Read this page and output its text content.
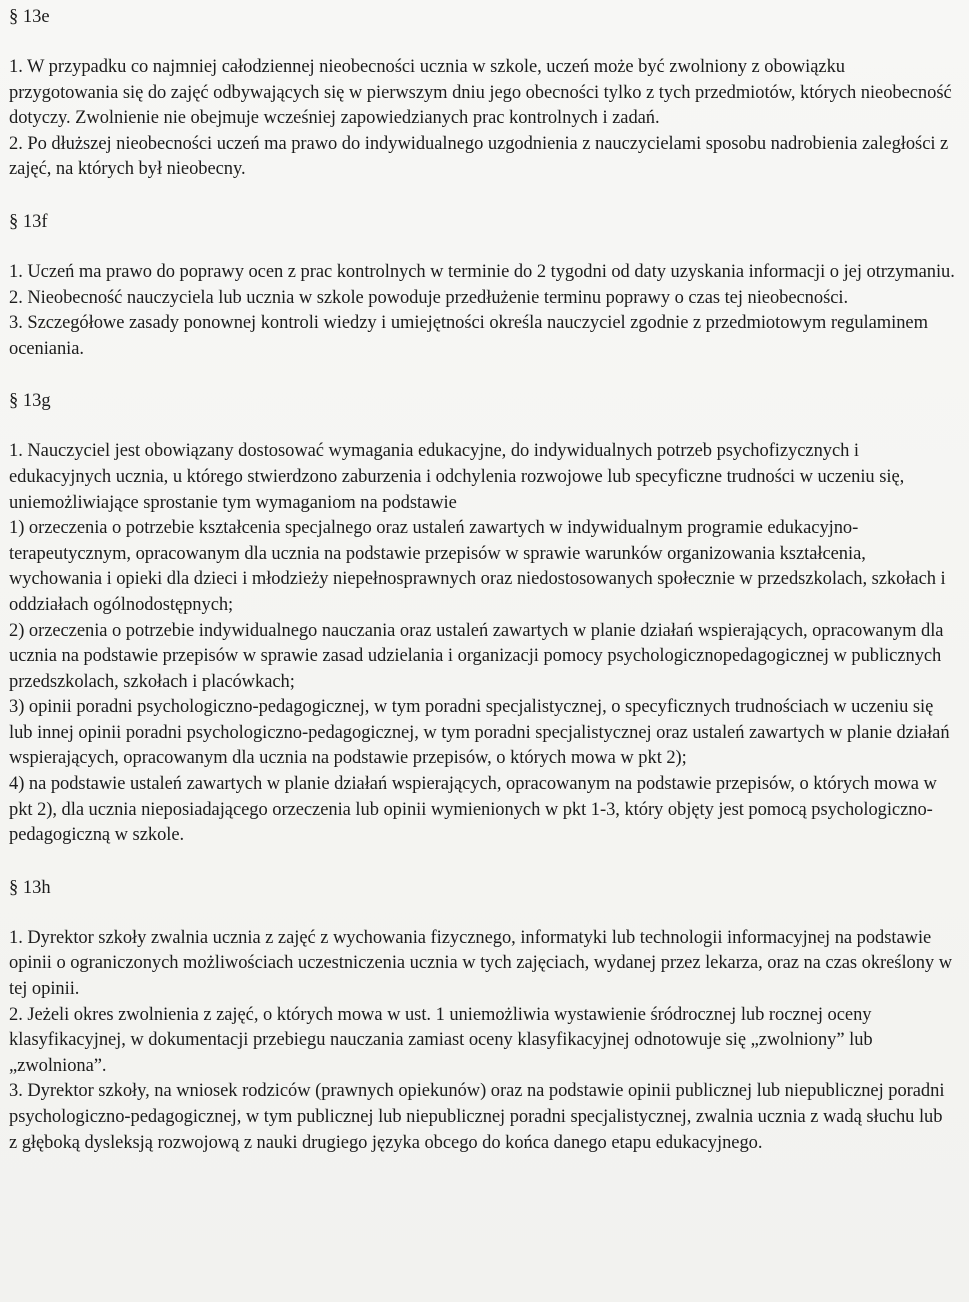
§ 13e

1. W przypadku co najmniej całodziennej nieobecności ucznia w szkole, uczeń może być zwolniony z obowiązku przygotowania się do zajęć odbywających się w pierwszym dniu jego obecności tylko z tych przedmiotów, których nieobecność dotyczy. Zwolnienie nie obejmuje wcześniej zapowiedzianych prac kontrolnych i zadań.

2. Po dłuższej nieobecności uczeń ma prawo do indywidualnego uzgodnienia z nauczycielami sposobu nadrobienia zaległości z zajęć, na których był nieobecny.

§ 13f

1. Uczeń ma prawo do poprawy ocen z prac kontrolnych w terminie do 2 tygodni od daty uzyskania informacji o jej otrzymaniu.

2. Nieobecność nauczyciela lub ucznia w szkole powoduje przedłużenie terminu poprawy o czas tej nieobecności.

3. Szczegółowe zasady ponownej kontroli wiedzy i umiejętności określa nauczyciel zgodnie z przedmiotowym regulaminem oceniania.

§ 13g

1. Nauczyciel jest obowiązany dostosować wymagania edukacyjne, do indywidualnych potrzeb psychofizycznych i edukacyjnych ucznia, u którego stwierdzono zaburzenia i odchylenia rozwojowe lub specyficzne trudności w uczeniu się, uniemożliwiające sprostanie tym wymaganiom na podstawie

1) orzeczenia o potrzebie kształcenia specjalnego oraz ustaleń zawartych w indywidualnym programie edukacyjno-terapeutycznym, opracowanym dla ucznia na podstawie przepisów w sprawie warunków organizowania kształcenia, wychowania i opieki dla dzieci i młodzieży niepełnosprawnych oraz niedostosowanych społecznie w przedszkolach, szkołach i oddziałach ogólnodostępnych;

2) orzeczenia o potrzebie indywidualnego nauczania oraz ustaleń zawartych w planie działań wspierających, opracowanym dla ucznia na podstawie przepisów w sprawie zasad udzielania i organizacji pomocy psychologicznopedagogicznej w publicznych przedszkolach, szkołach i placówkach;

3) opinii poradni psychologiczno-pedagogicznej, w tym poradni specjalistycznej, o specyficznych trudnościach w uczeniu się lub innej opinii poradni psychologiczno-pedagogicznej, w tym poradni specjalistycznej oraz ustaleń zawartych w planie działań wspierających, opracowanym dla ucznia na podstawie przepisów, o których mowa w pkt 2);

4) na podstawie ustaleń zawartych w planie działań wspierających, opracowanym na podstawie przepisów, o których mowa w pkt 2), dla ucznia nieposiadającego orzeczenia lub opinii wymienionych w pkt 1-3, który objęty jest pomocą psychologiczno-pedagogiczną w szkole.

§ 13h

1. Dyrektor szkoły zwalnia ucznia z zajęć z wychowania fizycznego, informatyki lub technologii informacyjnej na podstawie opinii o ograniczonych możliwościach uczestniczenia ucznia w tych zajęciach, wydanej przez lekarza, oraz na czas określony w tej opinii.

2. Jeżeli okres zwolnienia z zajęć, o których mowa w ust. 1 uniemożliwia wystawienie śródrocznej lub rocznej oceny klasyfikacyjnej, w dokumentacji przebiegu nauczania zamiast oceny klasyfikacyjnej odnotowuje się „zwolniony” lub „zwolniona”.

3. Dyrektor szkoły, na wniosek rodziców (prawnych opiekunów) oraz na podstawie opinii publicznej lub niepublicznej poradni psychologiczno-pedagogicznej, w tym publicznej lub niepublicznej poradni specjalistycznej, zwalnia ucznia z wadą słuchu lub z głęboką dysleksją rozwojową z nauki drugiego języka obcego do końca danego etapu edukacyjnego.
